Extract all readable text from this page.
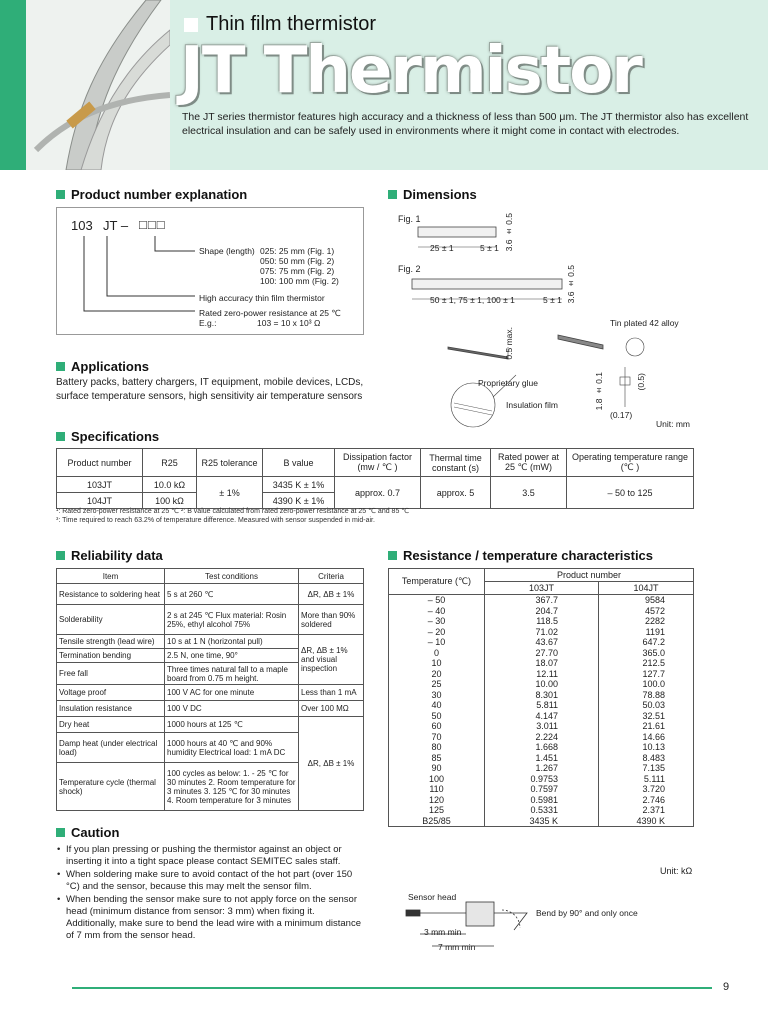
Thin film thermistor
JT Thermistor
The JT series thermistor features high accuracy and a thickness of less than 500 μm. The JT thermistor also has excellent electrical insulation and can be safely used in environments where it might come in contact with electrodes.
Product number explanation
103 JT – □□□
Shape (length) 025: 25 mm (Fig. 1)
050: 50 mm (Fig. 2)
075: 75 mm (Fig. 2)
100: 100 mm (Fig. 2)
High accuracy thin film thermistor
Rated zero-power resistance at 25 ℃
E.g.:	103 = 10 x 10³ Ω
Applications
Battery packs, battery chargers, IT equipment, mobile devices, LCDs, surface temperature sensors, high sensitivity air temperature sensors
Dimensions
Fig. 1
Fig. 2
25 ± 1	5 ± 1 3.6 ± 0.5
50 ± 1, 75 ± 1, 100 ± 1	5 ± 1 3.6 ± 0.5
0.5 max.
Tin plated 42 alloy
Proprietary glue
Insulation film	1.8 ± 0.1	(0.5)
(0.17)
Unit: mm
Specifications
Product number	R25	R25 tolerance	B value	Dissipation factor (mw / ℃ )	Thermal time constant (s)	Rated power at 25 ℃ (mW)	Operating temperature range (℃ )
103JT	10.0 kΩ	± 1%	3435 K ± 1%	approx. 0.7	approx. 5	3.5	– 50 to 125
104JT	100 kΩ		4390 K ± 1%				
¹: Rated zero-power resistance at 25 ℃ ²: B value calculated from rated zero-power resistance at 25 ℃ and 85 ℃
³: Time required to reach 63.2% of temperature difference. Measured with sensor suspended in mid-air.
Reliability data
Item	Test conditions	Criteria
Resistance to soldering heat	5 s at 260 ℃	ΔR, ΔB ± 1%
Solderability	2 s at 245 ℃ Flux material: Rosin 25%, ethyl alcohol 75%	More than 90% soldered
Tensile strength (lead wire)	10 s at 1 N (horizontal pull)	ΔR, ΔB ± 1% and visual inspection
Termination bending	2.5 N, one time, 90°	
Free fall	Three times natural fall to a maple board from 0.75 m height.	
Voltage proof	100 V AC for one minute	Less than 1 mA
Insulation resistance	100 V DC	Over 100 MΩ
Dry heat	1000 hours at 125 ℃	ΔR, ΔB ± 1%
Damp heat (under electrical load)	1000 hours at 40 ℃ and 90% humidity Electrical load: 1 mA DC	
Temperature cycle (thermal shock)	100 cycles as below: 1. - 25 ℃ for 30 minutes 2. Room temperature for 3 minutes 3. 125 ℃ for 30 minutes 4. Room temperature for 3 minutes	
Resistance / temperature characteristics
Temperature (℃)	Product number	
	103JT	104JT
– 50	367.7	9584
– 40	204.7	4572
– 30	118.5	2282
– 20	71.02	1191
– 10	43.67	647.2
0	27.70	365.0
10	18.07	212.5
20	12.11	127.7
25	10.00	100.0
30	8.301	78.88
40	5.811	50.03
50	4.147	32.51
60	3.011	21.61
70	2.224	14.66
80	1.668	10.13
85	1.451	8.483
90	1.267	7.135
100	0.9753	5.111
110	0.7597	3.720
120	0.5981	2.746
125	0.5331	2.371
B25/85	3435 K	4390 K
Unit: kΩ
Caution
• If you plan pressing or pushing the thermistor against an object or inserting it into a tight space please contact SEMITEC sales staff.
• When soldering make sure to avoid contact of the hot part (over 150 °C) and the sensor, because this may melt the sensor film.
• When bending the sensor make sure to not apply force on the sensor head (minimum distance from sensor: 3 mm) when fixing it. Additionally, make sure to bend the lead wire with a minimum distance of 7 mm from the sensor head.
Sensor head
Bend by 90° and only once
3 mm min
7 mm min
9
